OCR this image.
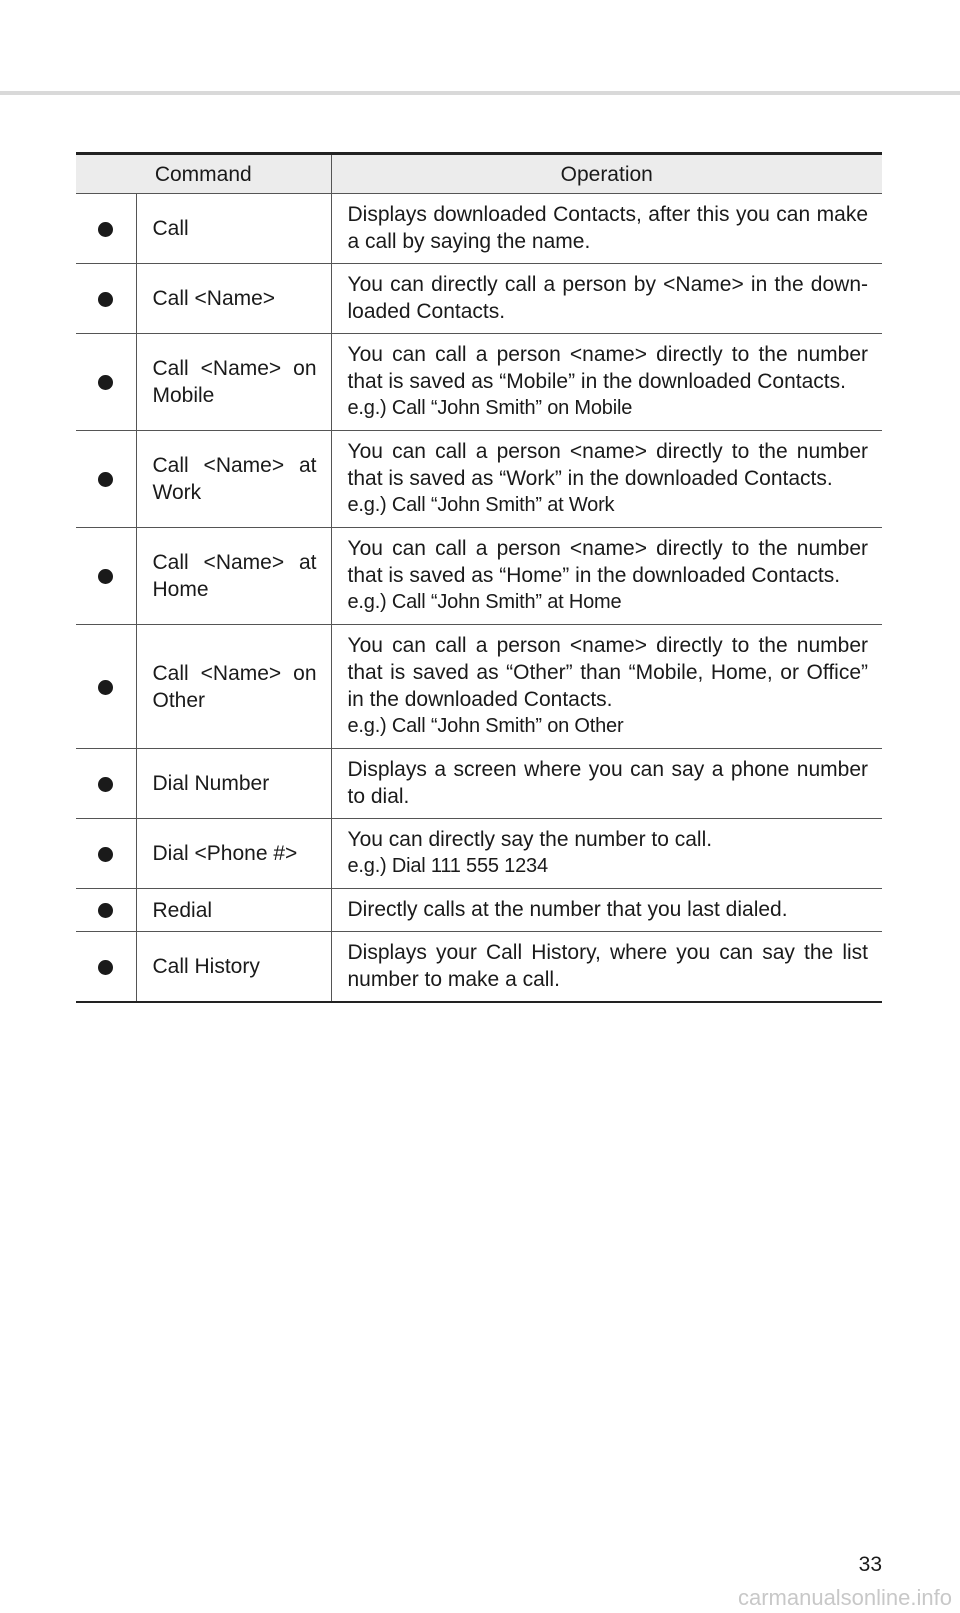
Command		Operation
	Call	Displays downloaded Contacts, after this you can make a call by saying the name.

	Call <Name>	You can directly call a person by <Name> in the down-loaded Contacts.

	Call <Name> on Mobile	You can call a person <name> directly to the number that is saved as “Mobile” in the downloaded Contacts.
e.g.) Call “John Smith” on Mobile

	Call <Name> at Work	You can call a person <name> directly to the number that is saved as “Work” in the downloaded Contacts.
e.g.) Call “John Smith” at Work

	Call <Name> at Home	You can call a person <name> directly to the number that is saved as “Home” in the downloaded Contacts.
e.g.) Call “John Smith” at Home

	Call <Name> on Other	You can call a person <name> directly to the number that is saved as “Other” than “Mobile, Home, or Office” in the downloaded Contacts.
e.g.) Call “John Smith” on Other

	Dial Number	Displays a screen where you can say a phone number to dial.

	Dial <Phone #>	You can directly say the number to call.
e.g.) Dial 111 555 1234

	Redial	Directly calls at the number that you last dialed.

	Call History	Displays your Call History, where you can say the list number to make a call.
33
carmanualsonline.info
